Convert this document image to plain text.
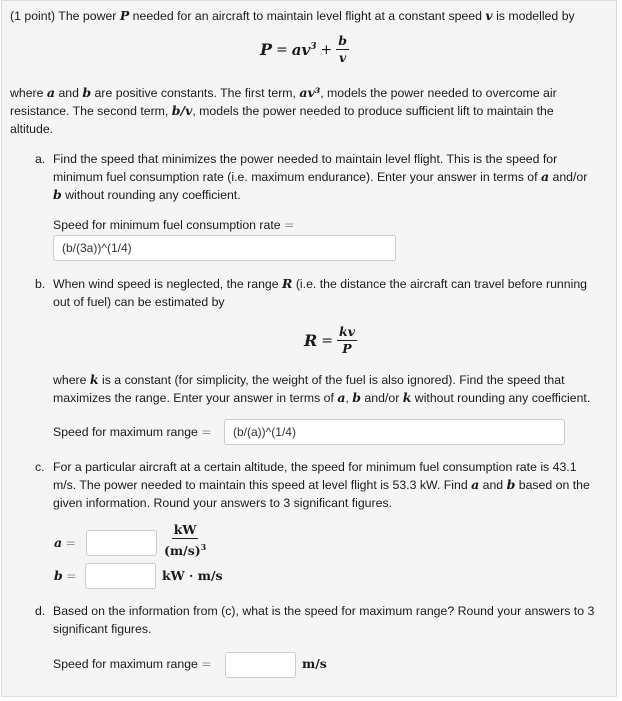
(1 point) The power P needed for an aircraft to maintain level flight at a constant speed v is modelled by
$P = av^3 + \frac{b}{v}$
where a and b are positive constants. The first term, av³, models the power needed to overcome air
resistance. The second term, b/v, models the power needed to produce sufficient lift to maintain the
altitude.
a. Find the speed that minimizes the power needed to maintain level flight. This is the speed for
minimum fuel consumption rate (i.e. maximum endurance). Enter your answer in terms of a and/or
b without rounding any coefficient.
Speed for minimum fuel consumption rate =
(b/(3a))^(1/4)
b. When wind speed is neglected, the range R (i.e. the distance the aircraft can travel before running
out of fuel) can be estimated by
$R = \frac{kv}{P}$
where k is a constant (for simplicity, the weight of the fuel is also ignored). Find the speed that
maximizes the range. Enter your answer in terms of a, b and/or k without rounding any coefficient.
Speed for maximum range =
(b/(a))^(1/4)
c. For a particular aircraft at a certain altitude, the speed for minimum fuel consumption rate is 43.1
m/s. The power needed to maintain this speed at level flight is 53.3 kW. Find a and b based on the
given information. Round your answers to 3 significant figures.
a =	$\frac{kW}{(m/s)^3}$
b =	kW · m/s
d. Based on the information from (c), what is the speed for maximum range? Round your answers to 3
significant figures.
Speed for maximum range =	m/s
